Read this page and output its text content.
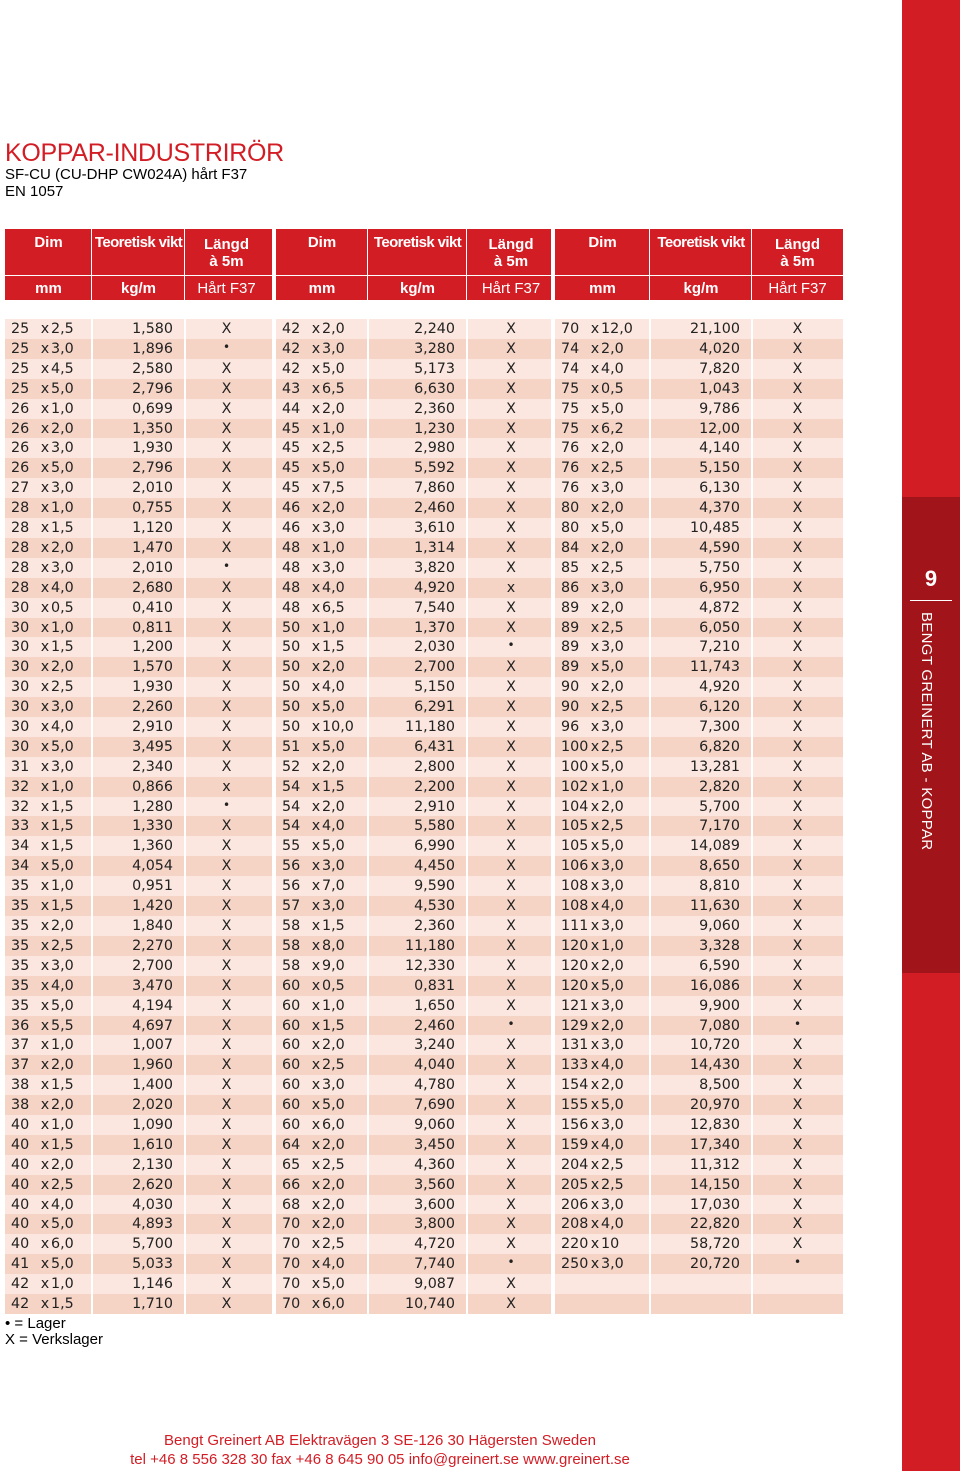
9
BENGT GREINERT AB - KOPPAR
KOPPAR-INDUSTRIRÖR
SF-CU (CU-DHP CW024A) hårt F37
EN 1057
Dim	Teoretisk vikt Längd
à 5m
mm	kg/m	Hårt F37
Dim	Teoretisk vikt	Längd
à 5m
mm	kg/m	Hårt F37
Dim	Teoretisk vikt	Längd
à 5m
mm	kg/m	Hårt F37
25 x 2,5	1,580	X	42 x 2,0	2,240	X	70 x 12,0	21,100	X
25 x 3,0	1,896	•	42 x 3,0	3,280	X	74 x 2,0	4,020	X
25 x 4,5	2,580	X	42 x 5,0	5,173	X	74 x 4,0	7,820	X
25 x 5,0	2,796	X	43 x 6,5	6,630	X	75 x 0,5	1,043	X
26 x 1,0	0,699	X	44 x 2,0	2,360	X	75 x 5,0	9,786	X
26 x 2,0	1,350	X	45 x 1,0	1,230	X	75 x 6,2	12,00	X
26 x 3,0	1,930	X	45 x 2,5	2,980	X	76 x 2,0	4,140	X
26 x 5,0	2,796	X	45 x 5,0	5,592	X	76 x 2,5	5,150	X
27 x 3,0	2,010	X	45 x 7,5	7,860	X	76 x 3,0	6,130	X
28 x 1,0	0,755	X	46 x 2,0	2,460	X	80 x 2,0	4,370	X
28 x 1,5	1,120	X	46 x 3,0	3,610	X	80 x 5,0	10,485	X
28 x 2,0	1,470	X	48 x 1,0	1,314	X	84 x 2,0	4,590	X
28 x 3,0	2,010	•	48 x 3,0	3,820	X	85 x 2,5	5,750	X
28 x 4,0	2,680	X	48 x 4,0	4,920	x	86 x 3,0	6,950	X
30 x 0,5	0,410	X	48 x 6,5	7,540	X	89 x 2,0	4,872	X
30 x 1,0	0,811	X	50 x 1,0	1,370	X	89 x 2,5	6,050	X
30 x 1,5	1,200	X	50 x 1,5	2,030	•	89 x 3,0	7,210	X
30 x 2,0	1,570	X	50 x 2,0	2,700	X	89 x 5,0	11,743	X
30 x 2,5	1,930	X	50 x 4,0	5,150	X	90 x 2,0	4,920	X
30 x 3,0	2,260	X	50 x 5,0	6,291	X	90 x 2,5	6,120	X
30 x 4,0	2,910	X	50 x 10,0	11,180	X	96 x 3,0	7,300	X
30 x 5,0	3,495	X	51 x 5,0	6,431	X	100 x 2,5	6,820	X
31 x 3,0	2,340	X	52 x 2,0	2,800	X	100 x 5,0	13,281	X
32 x 1,0	0,866	x	54 x 1,5	2,200	X	102 x 1,0	2,820	X
32 x 1,5	1,280	•	54 x 2,0	2,910	X	104 x 2,0	5,700	X
33 x 1,5	1,330	X	54 x 4,0	5,580	X	105 x 2,5	7,170	X
34 x 1,5	1,360	X	55 x 5,0	6,990	X	105 x 5,0	14,089	X
34 x 5,0	4,054	X	56 x 3,0	4,450	X	106 x 3,0	8,650	X
35 x 1,0	0,951	X	56 x 7,0	9,590	X	108 x 3,0	8,810	X
35 x 1,5	1,420	X	57 x 3,0	4,530	X	108 x 4,0	11,630	X
35 x 2,0	1,840	X	58 x 1,5	2,360	X	111 x 3,0	9,060	X
35 x 2,5	2,270	X	58 x 8,0	11,180	X	120 x 1,0	3,328	X
35 x 3,0	2,700	X	58 x 9,0	12,330	X	120 x 2,0	6,590	X
35 x 4,0	3,470	X	60 x 0,5	0,831	X	120 x 5,0	16,086	X
35 x 5,0	4,194	X	60 x 1,0	1,650	X	121 x 3,0	9,900	X
36 x 5,5	4,697	X	60 x 1,5	2,460	•	129 x 2,0	7,080	•
37 x 1,0	1,007	X	60 x 2,0	3,240	X	131 x 3,0	10,720	X
37 x 2,0	1,960	X	60 x 2,5	4,040	X	133 x 4,0	14,430	X
38 x 1,5	1,400	X	60 x 3,0	4,780	X	154 x 2,0	8,500	X
38 x 2,0	2,020	X	60 x 5,0	7,690	X	155 x 5,0	20,970	X
40 x 1,0	1,090	X	60 x 6,0	9,060	X	156 x 3,0	12,830	X
40 x 1,5	1,610	X	64 x 2,0	3,450	X	159 x 4,0	17,340	X
40 x 2,0	2,130	X	65 x 2,5	4,360	X	204 x 2,5	11,312	X
40 x 2,5	2,620	X	66 x 2,0	3,560	X	205 x 2,5	14,150	X
40 x 4,0	4,030	X	68 x 2,0	3,600	X	206 x 3,0	17,030	X
40 x 5,0	4,893	X	70 x 2,0	3,800	X	208 x 4,0	22,820	X
40 x 6,0	5,700	X	70 x 2,5	4,720	X	220 x 10	58,720	X
41 x 5,0	5,033	X	70 x 4,0	7,740	•	250 x 3,0	20,720	•
42 x 1,0	1,146	X	70 x 5,0	9,087	X
42 x 1,5	1,710	X	70 x 6,0	10,740	X
• = Lager
X = Verkslager
Bengt Greinert AB Elektravägen 3 SE-126 30 Hägersten Sweden
tel +46 8 556 328 30 fax +46 8 645 90 05 info@greinert.se www.greinert.se
